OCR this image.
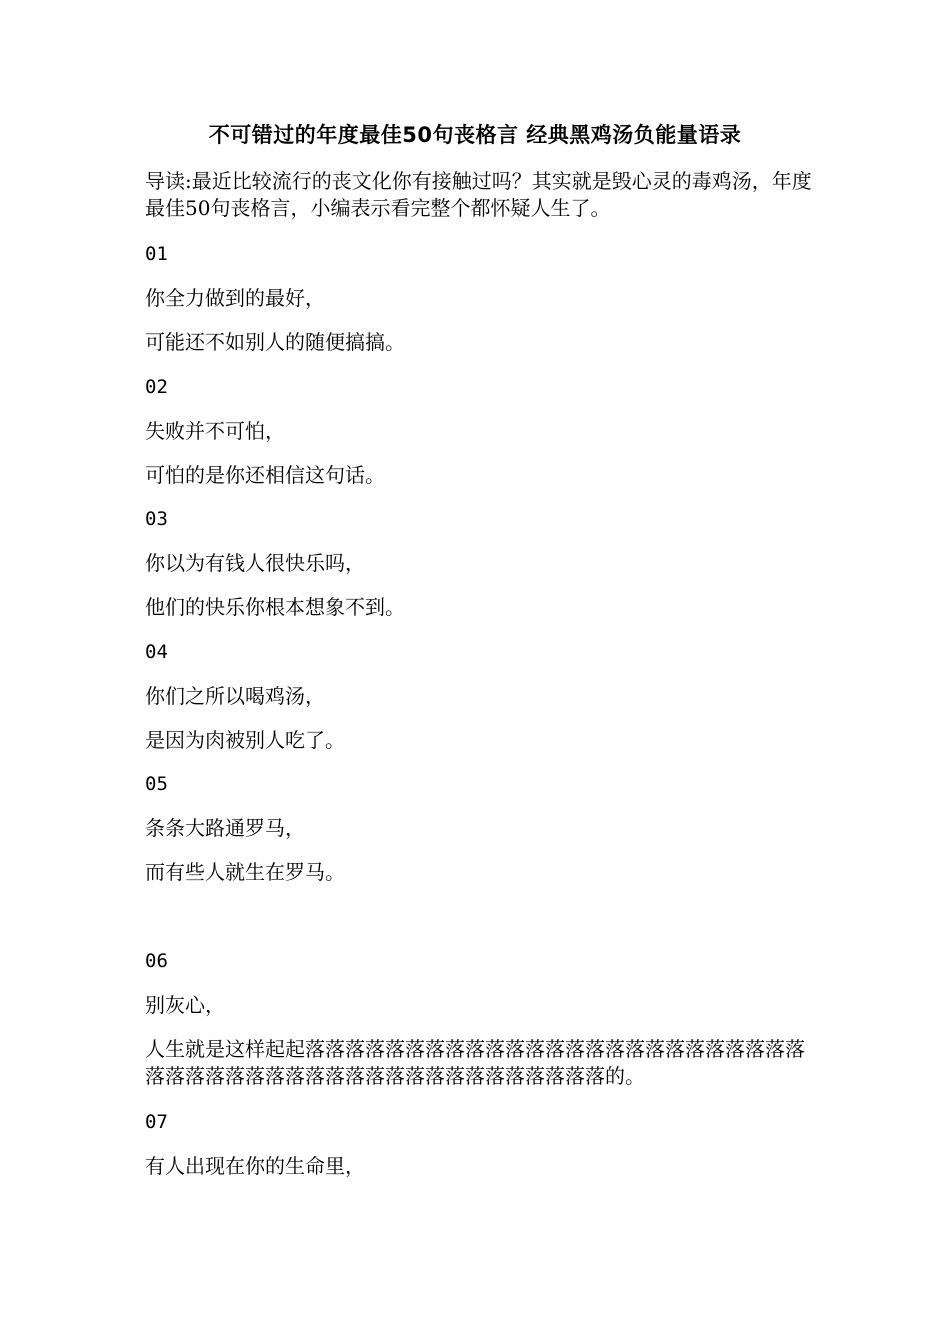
不可错过的年度最佳50句丧格言 经典黑鸡汤负能量语录
导读:最近比较流行的丧文化你有接触过吗？其实就是毁心灵的毒鸡汤，年度最佳50句丧格言，小编表示看完整个都怀疑人生了。
01
你全力做到的最好，
可能还不如别人的随便搞搞。
02
失败并不可怕，
可怕的是你还相信这句话。
03
你以为有钱人很快乐吗，
他们的快乐你根本想象不到。
04
你们之所以喝鸡汤，
是因为肉被别人吃了。
05
条条大路通罗马，
而有些人就生在罗马。
06
别灰心，
人生就是这样起起落落落落落落落落落落落落落落落落落落落落落落落落落落落落落落落落落落落落落落落落落落落落落落落落的。
07
有人出现在你的生命里，
